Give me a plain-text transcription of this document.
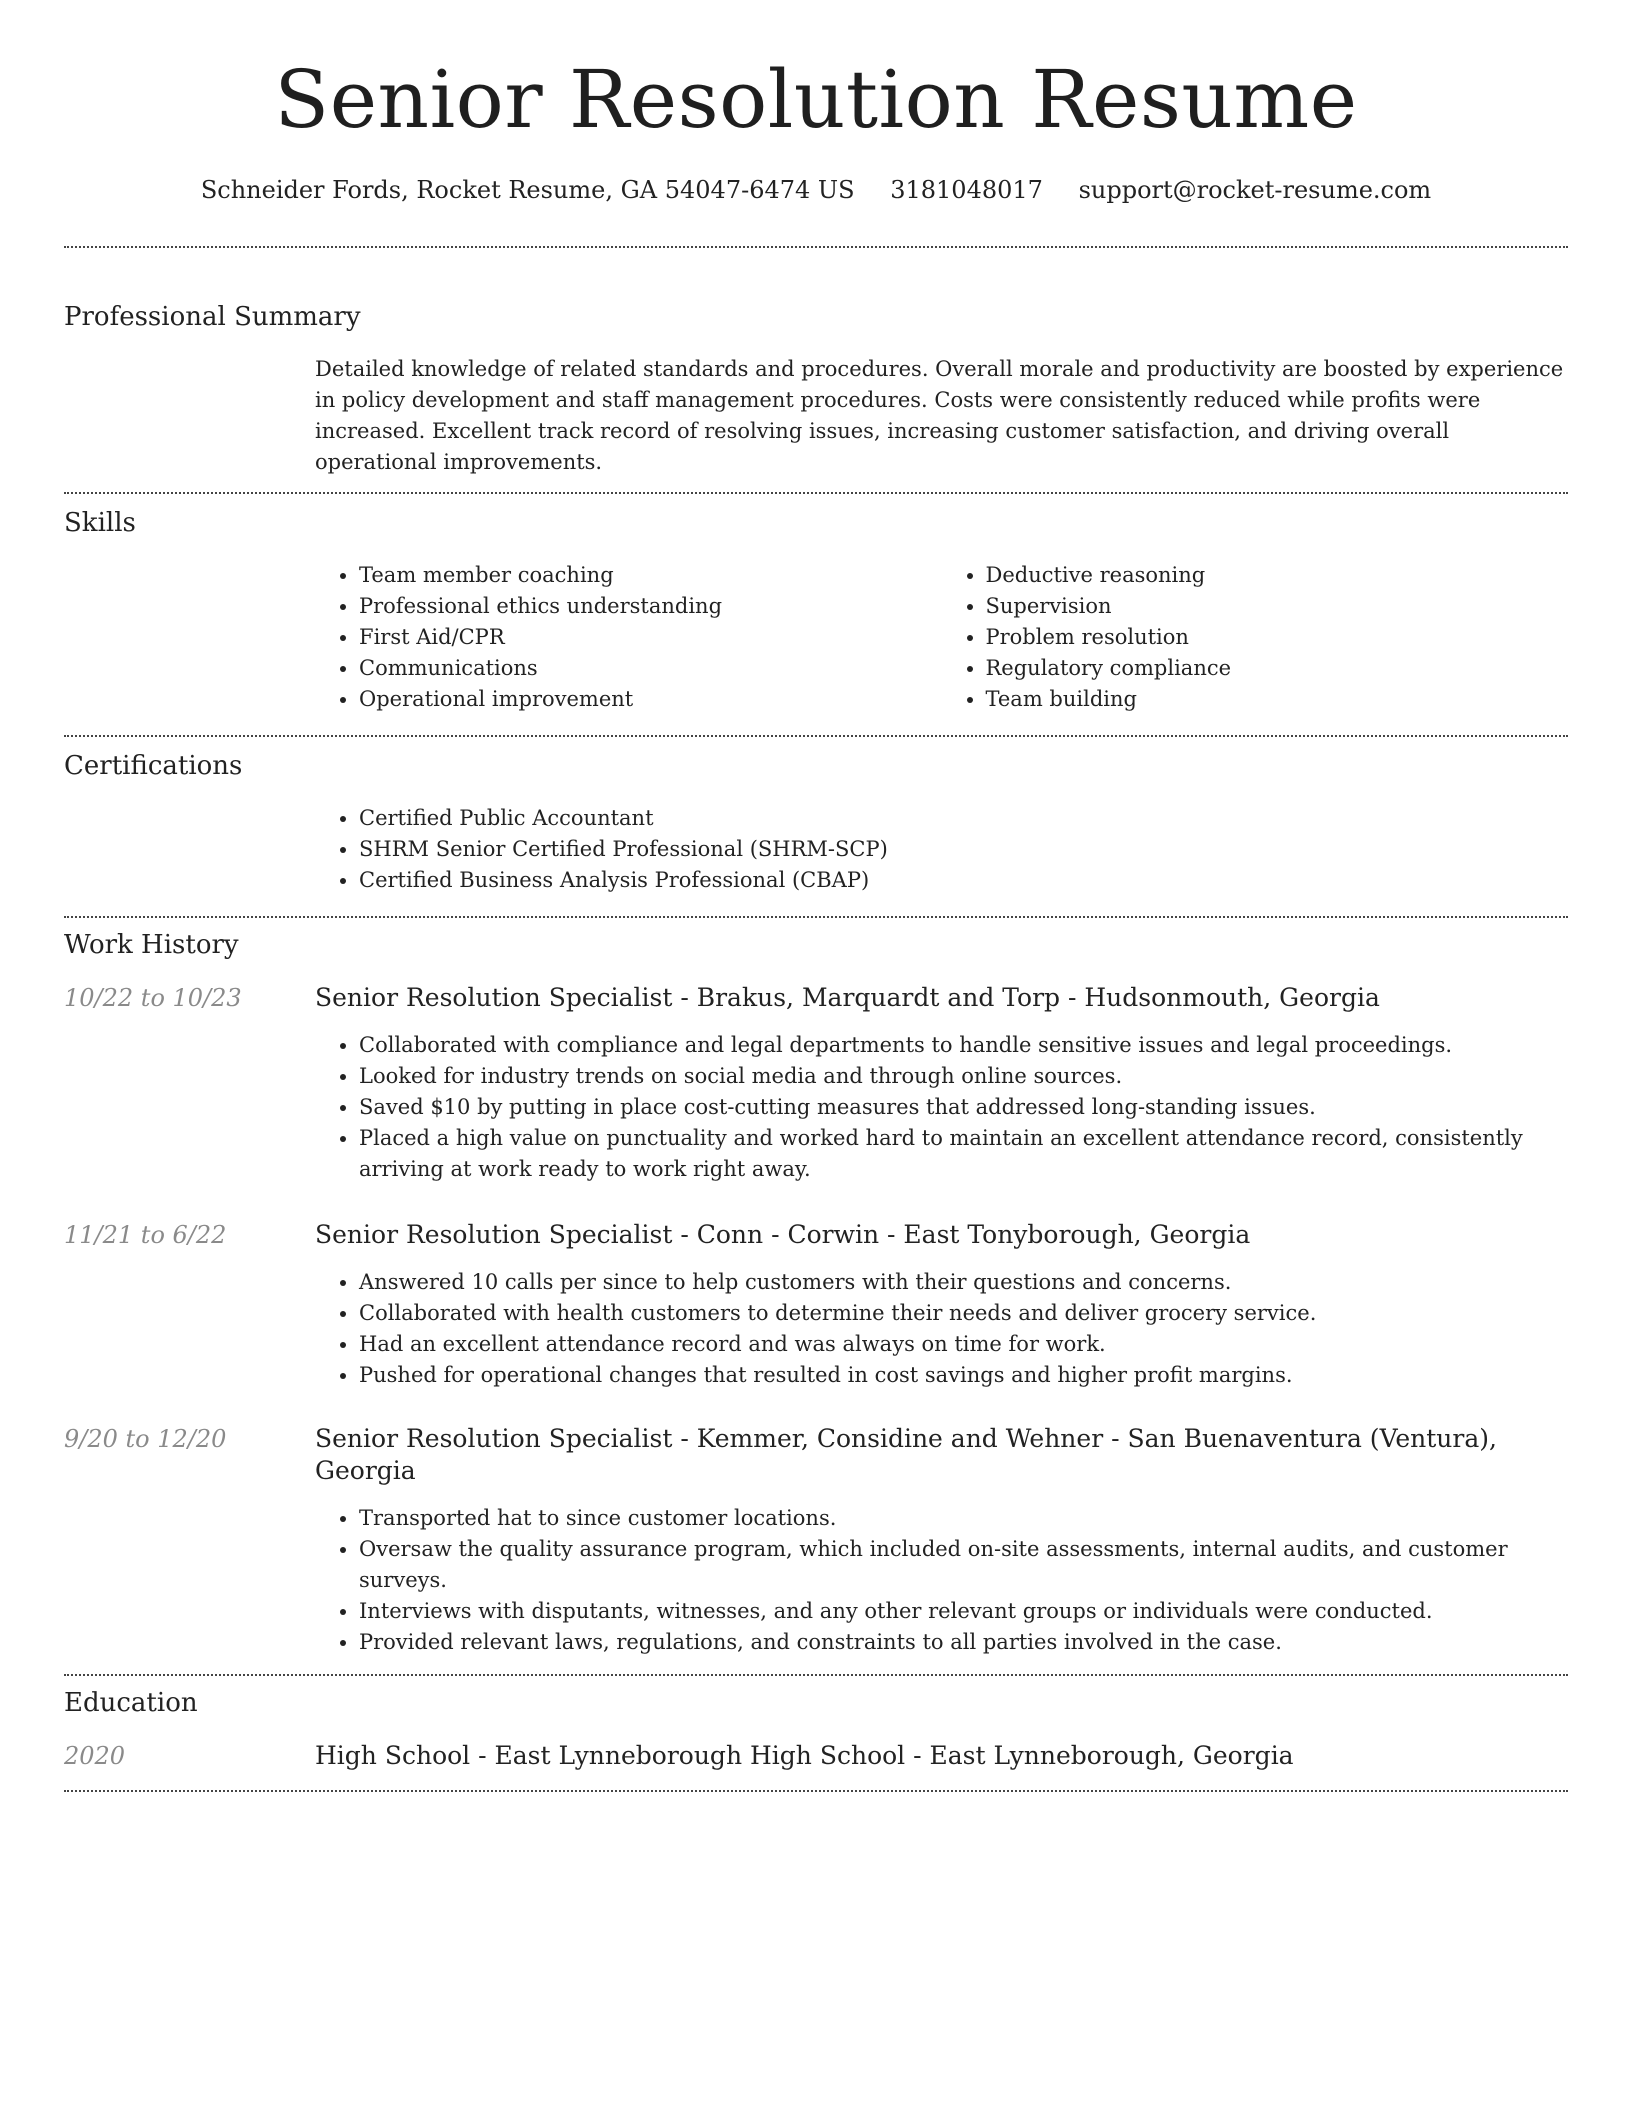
Senior Resolution Resume
Schneider Fords, Rocket Resume, GA 54047-6474 US 3181048017 support@rocket-resume.com
Professional Summary

Detailed knowledge of related standards and procedures. Overall morale and productivity are boosted by experience in policy development and staff management procedures. Costs were consistently reduced while profits were increased. Excellent track record of resolving issues, increasing customer satisfaction, and driving overall operational improvements.

Skills
• Team member coaching
• Professional ethics understanding
• First Aid/CPR
• Communications
• Operational improvement
• Deductive reasoning
• Supervision
• Problem resolution
• Regulatory compliance
• Team building
Certifications
• Certified Public Accountant
• SHRM Senior Certified Professional (SHRM-SCP)
• Certified Business Analysis Professional (CBAP)
Work History
10/22 to 10/23	Senior Resolution Specialist - Brakus, Marquardt and Torp - Hudsonmouth, Georgia
• Collaborated with compliance and legal departments to handle sensitive issues and legal proceedings.
• Looked for industry trends on social media and through online sources.
• Saved $10 by putting in place cost-cutting measures that addressed long-standing issues.
• Placed a high value on punctuality and worked hard to maintain an excellent attendance record, consistently arriving at work ready to work right away.
11/21 to 6/22	Senior Resolution Specialist - Conn - Corwin - East Tonyborough, Georgia
• Answered 10 calls per since to help customers with their questions and concerns.
• Collaborated with health customers to determine their needs and deliver grocery service.
• Had an excellent attendance record and was always on time for work.
• Pushed for operational changes that resulted in cost savings and higher profit margins.
9/20 to 12/20	Senior Resolution Specialist - Kemmer, Considine and Wehner - San Buenaventura (Ventura), Georgia
• Transported hat to since customer locations.
• Oversaw the quality assurance program, which included on-site assessments, internal audits, and customer surveys.
• Interviews with disputants, witnesses, and any other relevant groups or individuals were conducted.
• Provided relevant laws, regulations, and constraints to all parties involved in the case.
Education
2020	High School - East Lynneborough High School - East Lynneborough, Georgia
